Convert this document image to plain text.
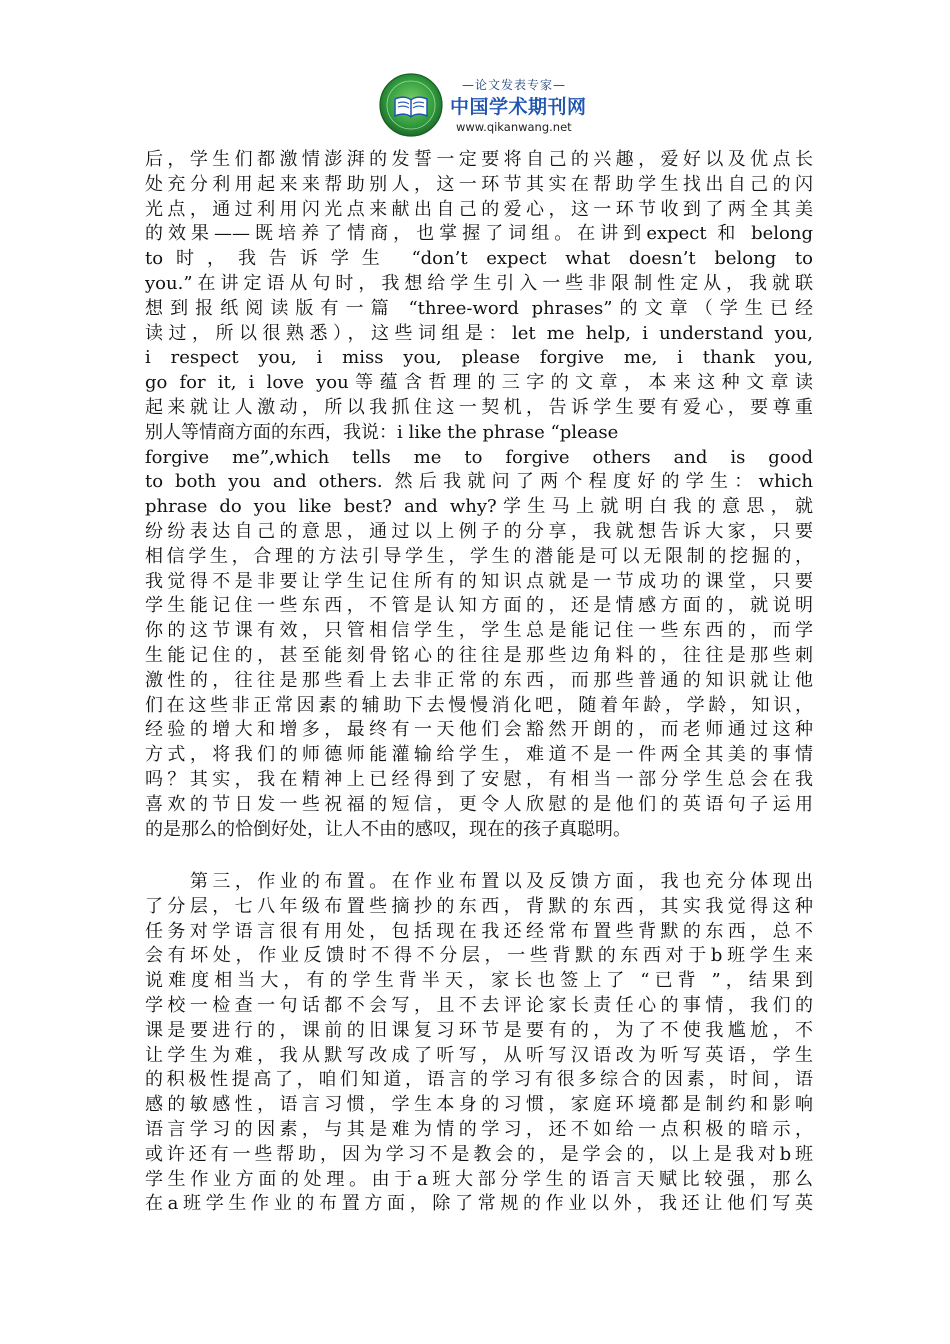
—论文发表专家—
中国学术期刊网
www.qikanwang.net
后，学生们都激情澎湃的发誓一定要将自己的兴趣，爱好以及优点长
处充分利用起来来帮助别人，这一环节其实在帮助学生找出自己的闪
光点，通过利用闪光点来献出自己的爱心，这一环节收到了两全其美
的效果——既培养了情商，也掌握了词组。在讲到expect 和 belong
to时，我告诉学生 “don’t expect what doesn’t belong to
you.”在讲定语从句时，我想给学生引入一些非限制性定从，我就联
想到报纸阅读版有一篇 “three-word phrases”的文章（学生已经
读过，所以很熟悉），这些词组是：let me help, i understand you,
i respect you, i miss you, please forgive me, i thank you,
go for it, i love you等蕴含哲理的三字的文章，本来这种文章读
起来就让人激动，所以我抓住这一契机，告诉学生要有爱心，要尊重
别人等情商方面的东西，我说：i like the phrase “please
forgive me”,which tells me to forgive others and is good
to both you and others. 然后我就问了两个程度好的学生：which
phrase do you like best? and why?学生马上就明白我的意思，就
纷纷表达自己的意思，通过以上例子的分享，我就想告诉大家，只要
相信学生，合理的方法引导学生，学生的潜能是可以无限制的挖掘的，
我觉得不是非要让学生记住所有的知识点就是一节成功的课堂，只要
学生能记住一些东西，不管是认知方面的，还是情感方面的，就说明
你的这节课有效，只管相信学生，学生总是能记住一些东西的，而学
生能记住的，甚至能刻骨铭心的往往是那些边角料的，往往是那些刺
激性的，往往是那些看上去非正常的东西，而那些普通的知识就让他
们在这些非正常因素的辅助下去慢慢消化吧，随着年龄，学龄，知识，
经验的增大和增多，最终有一天他们会豁然开朗的，而老师通过这种
方式，将我们的师德师能灌输给学生，难道不是一件两全其美的事情
吗？其实，我在精神上已经得到了安慰，有相当一部分学生总会在我
喜欢的节日发一些祝福的短信，更令人欣慰的是他们的英语句子运用
的是那么的恰倒好处，让人不由的感叹，现在的孩子真聪明。
第三，作业的布置。在作业布置以及反馈方面，我也充分体现出
了分层，七八年级布置些摘抄的东西，背默的东西，其实我觉得这种
任务对学语言很有用处，包括现在我还经常布置些背默的东西，总不
会有坏处，作业反馈时不得不分层，一些背默的东西对于b班学生来
说难度相当大，有的学生背半天，家长也签上了 “已背 ”，结果到
学校一检查一句话都不会写，且不去评论家长责任心的事情，我们的
课是要进行的，课前的旧课复习环节是要有的，为了不使我尴尬，不
让学生为难，我从默写改成了听写，从听写汉语改为听写英语，学生
的积极性提高了，咱们知道，语言的学习有很多综合的因素，时间，语
感的敏感性，语言习惯，学生本身的习惯，家庭环境都是制约和影响
语言学习的因素，与其是难为情的学习，还不如给一点积极的暗示，
或许还有一些帮助，因为学习不是教会的，是学会的，以上是我对b班
学生作业方面的处理。由于a班大部分学生的语言天赋比较强，那么
在a班学生作业的布置方面，除了常规的作业以外，我还让他们写英
